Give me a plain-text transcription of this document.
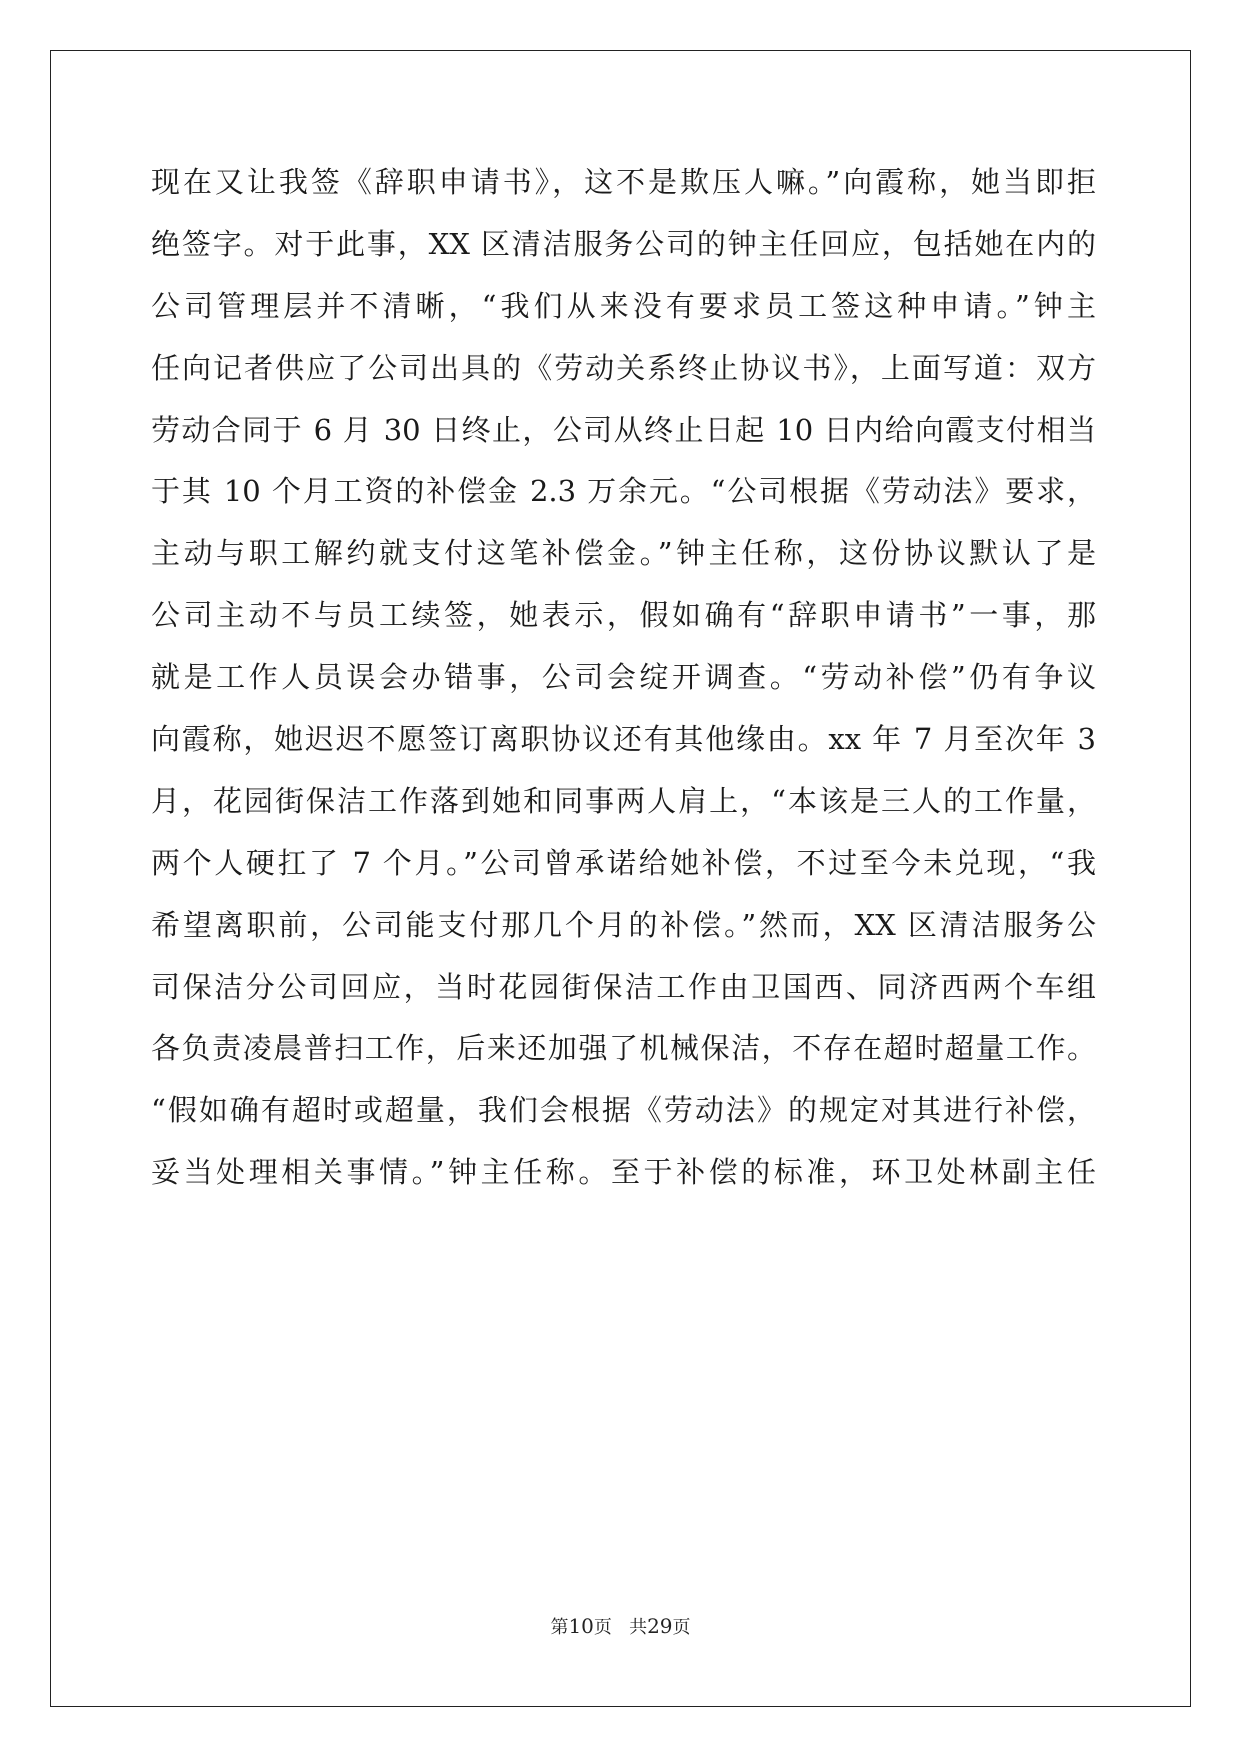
现在又让我签《辞职申请书》，这不是欺压人嘛。”向霞称，她当即拒
绝签字。对于此事，XX 区清洁服务公司的钟主任回应，包括她在内的
公司管理层并不清晰，“我们从来没有要求员工签这种申请。”钟主
任向记者供应了公司出具的《劳动关系终止协议书》，上面写道：双方
劳动合同于 6 月 30 日终止，公司从终止日起 10 日内给向霞支付相当
于其 10 个月工资的补偿金 2.3 万余元。“公司根据《劳动法》要求，
主动与职工解约就支付这笔补偿金。”钟主任称，这份协议默认了是
公司主动不与员工续签，她表示，假如确有“辞职申请书”一事，那
就是工作人员误会办错事，公司会绽开调查。“劳动补偿”仍有争议
向霞称，她迟迟不愿签订离职协议还有其他缘由。xx 年 7 月至次年 3
月，花园街保洁工作落到她和同事两人肩上，“本该是三人的工作量，
两个人硬扛了 7 个月。”公司曾承诺给她补偿，不过至今未兑现，“我
希望离职前，公司能支付那几个月的补偿。”然而，XX 区清洁服务公
司保洁分公司回应，当时花园街保洁工作由卫国西、同济西两个车组
各负责凌晨普扫工作，后来还加强了机械保洁，不存在超时超量工作。
“假如确有超时或超量，我们会根据《劳动法》的规定对其进行补偿，
妥当处理相关事情。”钟主任称。至于补偿的标准，环卫处林副主任
第10页 共29页
